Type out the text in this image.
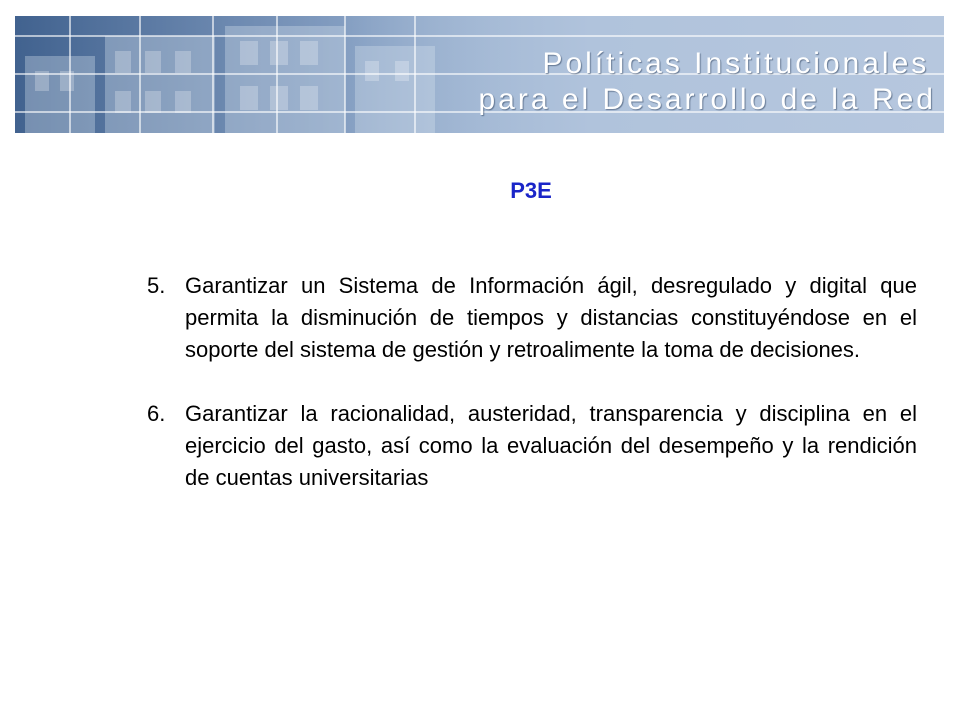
Políticas Institucionales
para el Desarrollo de la Red
P3E
5. Garantizar un Sistema de Información ágil, desregulado y digital que permita la disminución de tiempos y distancias constituyéndose en el soporte del sistema de gestión y retroalimente la toma de decisiones.
6. Garantizar la racionalidad, austeridad, transparencia y disciplina en el ejercicio del gasto, así como la evaluación del desempeño y la rendición de cuentas universitarias
